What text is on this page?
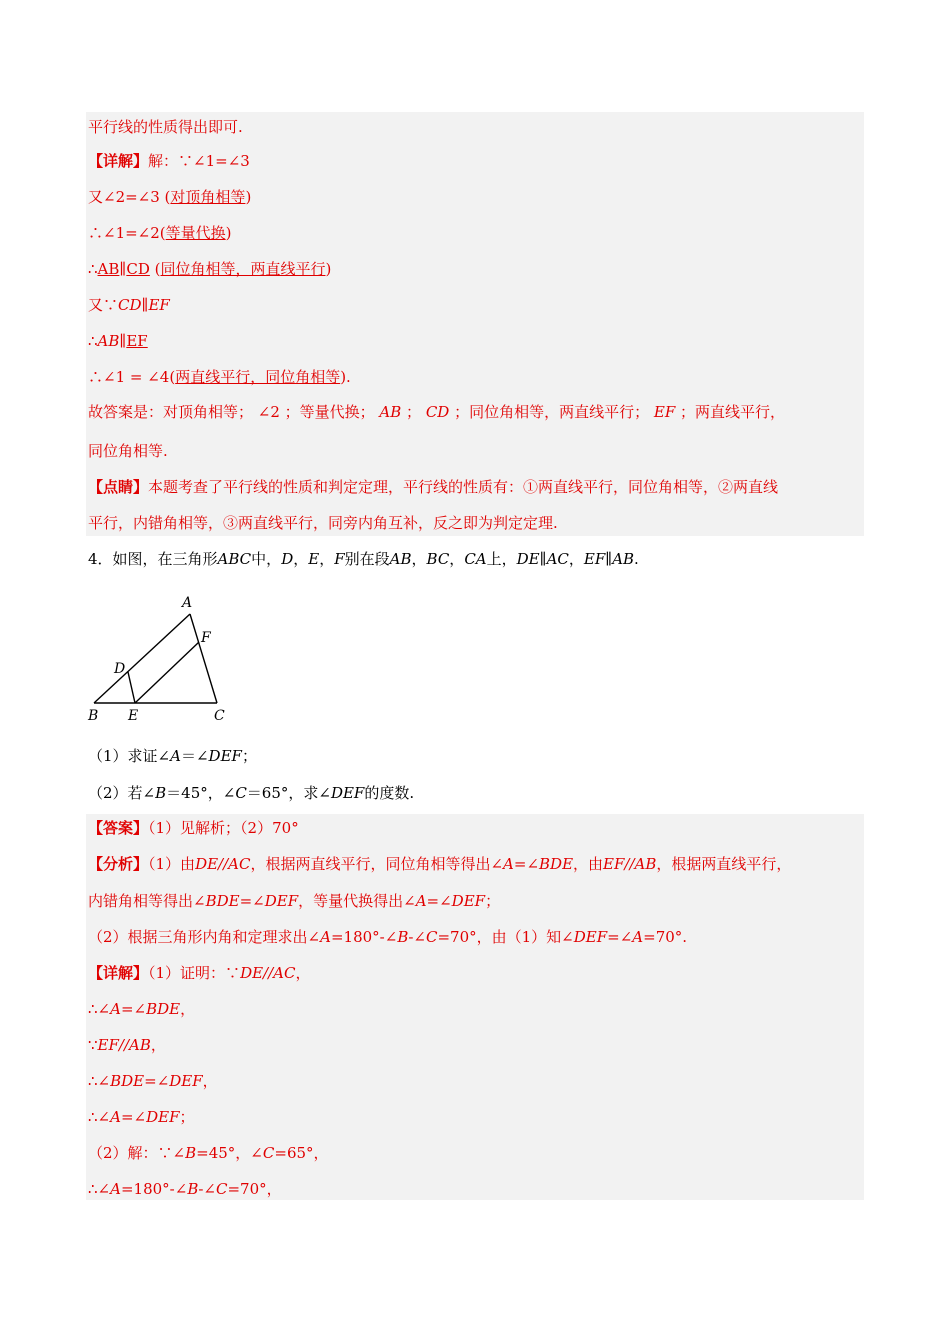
平行线的性质得出即可.
【详解】解：∵∠1=∠3
又∠2=∠3 (对顶角相等)
∴∠1=∠2(等量代换)
∴AB∥CD (同位角相等，两直线平行)
又∵CD∥EF
∴AB∥EF
∴∠1 = ∠4(两直线平行，同位角相等).
故答案是：对顶角相等； ∠2 ；等量代换； AB ； CD ；同位角相等，两直线平行； EF ；两直线平行，
同位角相等.
【点睛】本题考查了平行线的性质和判定定理，平行线的性质有：①两直线平行，同位角相等，②两直线
平行，内错角相等，③两直线平行，同旁内角互补，反之即为判定定理.
4．如图，在三角形ABC中，D，E，F别在段AB，BC，CA上，DE∥AC，EF∥AB.
（1）求证∠A＝∠DEF；
（2）若∠B＝45°，∠C＝65°，求∠DEF的度数.
【答案】（1）见解析；（2）70°
【分析】（1）由DE//AC，根据两直线平行，同位角相等得出∠A=∠BDE，由EF//AB，根据两直线平行，
内错角相等得出∠BDE=∠DEF，等量代换得出∠A=∠DEF；
（2）根据三角形内角和定理求出∠A=180°-∠B-∠C=70°，由（1）知∠DEF=∠A=70°.
【详解】（1）证明：∵DE//AC，
∴∠A=∠BDE，
∵EF//AB，
∴∠BDE=∠DEF，
∴∠A=∠DEF；
（2）解：∵∠B=45°，∠C=65°，
∴∠A=180°-∠B-∠C=70°，
A
B	C
D
E
F
